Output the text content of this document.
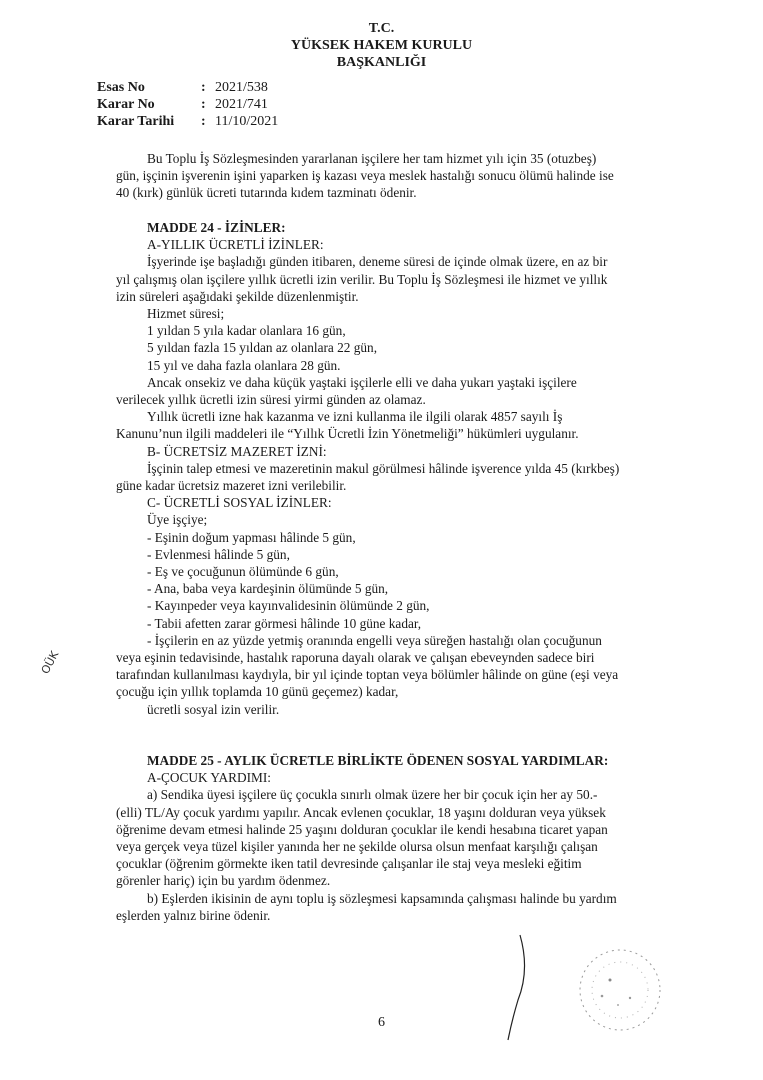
T.C.
YÜKSEK HAKEM KURULU
BAŞKANLIĞI
Esas No	: 2021/538
Karar No	: 2021/741
Karar Tarihi : 11/10/2021

Bu Toplu İş Sözleşmesinden yararlanan işçilere her tam hizmet yılı için 35 (otuzbeş)

gün, işçinin işverenin işini yaparken iş kazası veya meslek hastalığı sonucu ölümü halinde ise

40 (kırk) günlük ücreti tutarında kıdem tazminatı ödenir.

MADDE 24 - İZİNLER:

A-YILLIK ÜCRETLİ İZİNLER:

İşyerinde işe başladığı günden itibaren, deneme süresi de içinde olmak üzere, en az bir

yıl çalışmış olan işçilere yıllık ücretli izin verilir. Bu Toplu İş Sözleşmesi ile hizmet ve yıllık

izin süreleri aşağıdaki şekilde düzenlenmiştir.

Hizmet süresi;

1 yıldan 5 yıla kadar olanlara 16 gün,

5 yıldan fazla 15 yıldan az olanlara 22 gün,

15 yıl ve daha fazla olanlara 28 gün.

Ancak onsekiz ve daha küçük yaştaki işçilerle elli ve daha yukarı yaştaki işçilere

verilecek yıllık ücretli izin süresi yirmi günden az olamaz.

Yıllık ücretli izne hak kazanma ve izni kullanma ile ilgili olarak 4857 sayılı İş

Kanunu’nun ilgili maddeleri ile “Yıllık Ücretli İzin Yönetmeliği” hükümleri uygulanır.

B- ÜCRETSİZ MAZERET İZNİ:

İşçinin talep etmesi ve mazeretinin makul görülmesi hâlinde işverence yılda 45 (kırkbeş)

güne kadar ücretsiz mazeret izni verilebilir.

C- ÜCRETLİ SOSYAL İZİNLER:

Üye işçiye;

- Eşinin doğum yapması hâlinde 5 gün,

- Evlenmesi hâlinde 5 gün,

- Eş ve çocuğunun ölümünde 6 gün,

- Ana, baba veya kardeşinin ölümünde 5 gün,

- Kayınpeder veya kayınvalidesinin ölümünde 2 gün,

- Tabii afetten zarar görmesi hâlinde 10 güne kadar,

- İşçilerin en az yüzde yetmiş oranında engelli veya süreğen hastalığı olan çocuğunun

veya eşinin tedavisinde, hastalık raporuna dayalı olarak ve çalışan ebeveynden sadece biri

tarafından kullanılması kaydıyla, bir yıl içinde toptan veya bölümler hâlinde on güne (eşi veya

çocuğu için yıllık toplamda 10 günü geçemez) kadar,

ücretli sosyal izin verilir.

MADDE 25 - AYLIK ÜCRETLE BİRLİKTE ÖDENEN SOSYAL YARDIMLAR:

A-ÇOCUK YARDIMI:

a) Sendika üyesi işçilere üç çocukla sınırlı olmak üzere her bir çocuk için her ay 50.-

(elli) TL/Ay çocuk yardımı yapılır. Ancak evlenen çocuklar, 18 yaşını dolduran veya yüksek

öğrenime devam etmesi halinde 25 yaşını dolduran çocuklar ile kendi hesabına ticaret yapan

veya gerçek veya tüzel kişiler yanında her ne şekilde olursa olsun menfaat karşılığı çalışan

çocuklar (öğrenim görmekte iken tatil devresinde çalışanlar ile staj veya mesleki eğitim

görenler hariç) için bu yardım ödenmez.

b) Eşlerden ikisinin de aynı toplu iş sözleşmesi kapsamında çalışması halinde bu yardım

eşlerden yalnız birine ödenir.

OÜK
6
